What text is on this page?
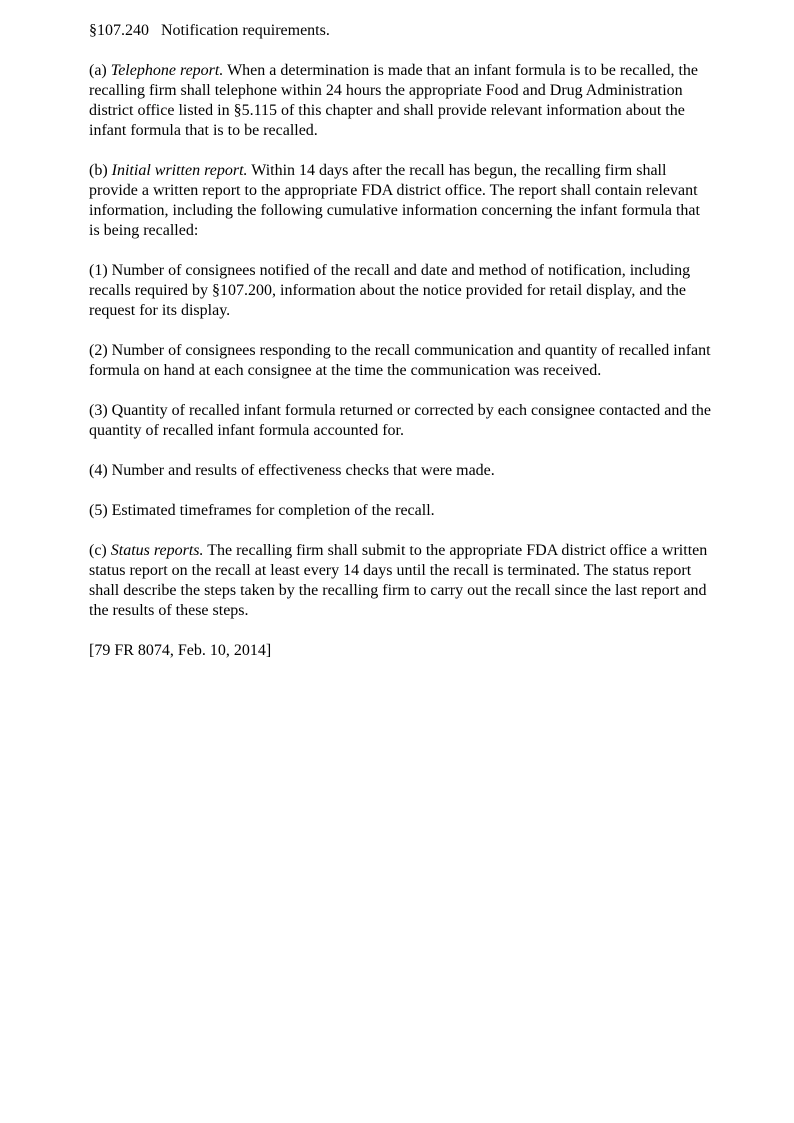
§107.240   Notification requirements.

(a) Telephone report. When a determination is made that an infant formula is to be recalled, the recalling firm shall telephone within 24 hours the appropriate Food and Drug Administration district office listed in §5.115 of this chapter and shall provide relevant information about the infant formula that is to be recalled.

(b) Initial written report. Within 14 days after the recall has begun, the recalling firm shall provide a written report to the appropriate FDA district office. The report shall contain relevant information, including the following cumulative information concerning the infant formula that is being recalled:

(1) Number of consignees notified of the recall and date and method of notification, including recalls required by §107.200, information about the notice provided for retail display, and the request for its display.

(2) Number of consignees responding to the recall communication and quantity of recalled infant formula on hand at each consignee at the time the communication was received.

(3) Quantity of recalled infant formula returned or corrected by each consignee contacted and the quantity of recalled infant formula accounted for.

(4) Number and results of effectiveness checks that were made.

(5) Estimated timeframes for completion of the recall.

(c) Status reports. The recalling firm shall submit to the appropriate FDA district office a written status report on the recall at least every 14 days until the recall is terminated. The status report shall describe the steps taken by the recalling firm to carry out the recall since the last report and the results of these steps.

[79 FR 8074, Feb. 10, 2014]
